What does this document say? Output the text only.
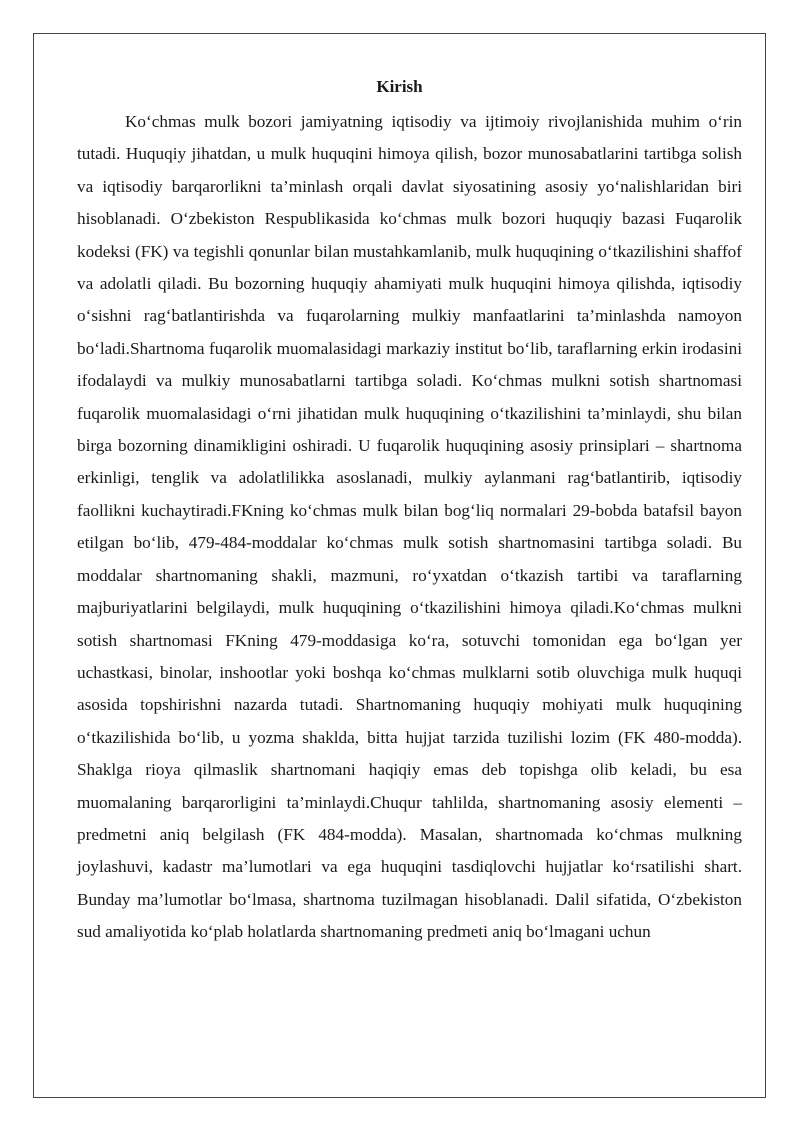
Kirish

Ko‘chmas mulk bozori jamiyatning iqtisodiy va ijtimoiy rivojlanishida muhim o‘rin tutadi. Huquqiy jihatdan, u mulk huquqini himoya qilish, bozor munosabatlarini tartibga solish va iqtisodiy barqarorlikni ta’minlash orqali davlat siyosatining asosiy yo‘nalishlaridan biri hisoblanadi. O‘zbekiston Respublikasida ko‘chmas mulk bozori huquqiy bazasi Fuqarolik kodeksi (FK) va tegishli qonunlar bilan mustahkamlanib, mulk huquqining o‘tkazilishini shaffof va adolatli qiladi. Bu bozorning huquqiy ahamiyati mulk huquqini himoya qilishda, iqtisodiy o‘sishni rag‘batlantirishda va fuqarolarning mulkiy manfaatlarini ta’minlashda namoyon bo‘ladi.Shartnoma fuqarolik muomalasidagi markaziy institut bo‘lib, taraflarning erkin irodasini ifodalaydi va mulkiy munosabatlarni tartibga soladi. Ko‘chmas mulkni sotish shartnomasi fuqarolik muomalasidagi o‘rni jihatidan mulk huquqining o‘tkazilishini ta’minlaydi, shu bilan birga bozorning dinamikligini oshiradi. U fuqarolik huquqining asosiy prinsiplari – shartnoma erkinligi, tenglik va adolatlilikka asoslanadi, mulkiy aylanmani rag‘batlantirib, iqtisodiy faollikni kuchaytiradi.FKning ko‘chmas mulk bilan bog‘liq normalari 29-bobda batafsil bayon etilgan bo‘lib, 479-484-moddalar ko‘chmas mulk sotish shartnomasini tartibga soladi. Bu moddalar shartnomaning shakli, mazmuni, ro‘yxatdan o‘tkazish tartibi va taraflarning majburiyatlarini belgilaydi, mulk huquqining o‘tkazilishini himoya qiladi.Ko‘chmas mulkni sotish shartnomasi FKning 479-moddasiga ko‘ra, sotuvchi tomonidan ega bo‘lgan yer uchastkasi, binolar, inshootlar yoki boshqa ko‘chmas mulklarni sotib oluvchiga mulk huquqi asosida topshirishni nazarda tutadi. Shartnomaning huquqiy mohiyati mulk huquqining o‘tkazilishida bo‘lib, u yozma shaklda, bitta hujjat tarzida tuzilishi lozim (FK 480-modda). Shaklga rioya qilmaslik shartnomani haqiqiy emas deb topishga olib keladi, bu esa muomalaning barqarorligini ta’minlaydi.Chuqur tahlilda, shartnomaning asosiy elementi – predmetni aniq belgilash (FK 484-modda). Masalan, shartnomada ko‘chmas mulkning joylashuvi, kadastr ma’lumotlari va ega huquqini tasdiqlovchi hujjatlar ko‘rsatilishi shart. Bunday ma’lumotlar bo‘lmasa, shartnoma tuzilmagan hisoblanadi. Dalil sifatida, O‘zbekiston sud amaliyotida ko‘plab holatlarda shartnomaning predmeti aniq bo‘lmagani uchun
